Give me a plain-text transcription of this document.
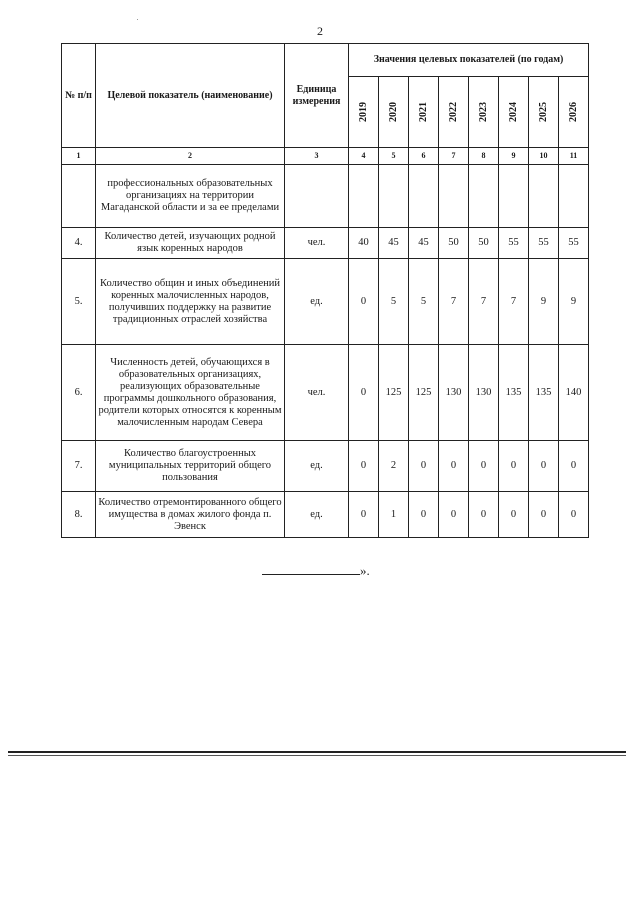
2
№ п/п	Целевой показатель (наименование)	Единица измерения	Значения целевых показателей (по годам)							
			2019	2020	2021	2022	2023	2024	2025	2026
1	2	3	4	5	6	7	8	9	10	11
	профессиональных образовательных организациях на территории Магаданской области и за ее пределами									
4.	Количество детей, изучающих родной язык коренных народов	чел.	40	45	45	50	50	55	55	55
5.	Количество общин и иных объединений коренных малочисленных народов, получивших поддержку на развитие традиционных отраслей хозяйства	ед.	0	5	5	7	7	7	9	9
6.	Численность детей, обучающихся в образовательных организациях, реализующих образовательные программы дошкольного образования, родители которых относятся к коренным малочисленным народам Севера	чел.	0	125	125	130	130	135	135	140
7.	Количество благоустроенных муниципальных территорий общего пользования	ед.	0	2	0	0	0	0	0	0
8.	Количество отремонтированного общего имущества в домах жилого фонда п. Эвенск	ед.	0	1	0	0	0	0	0	0
».
